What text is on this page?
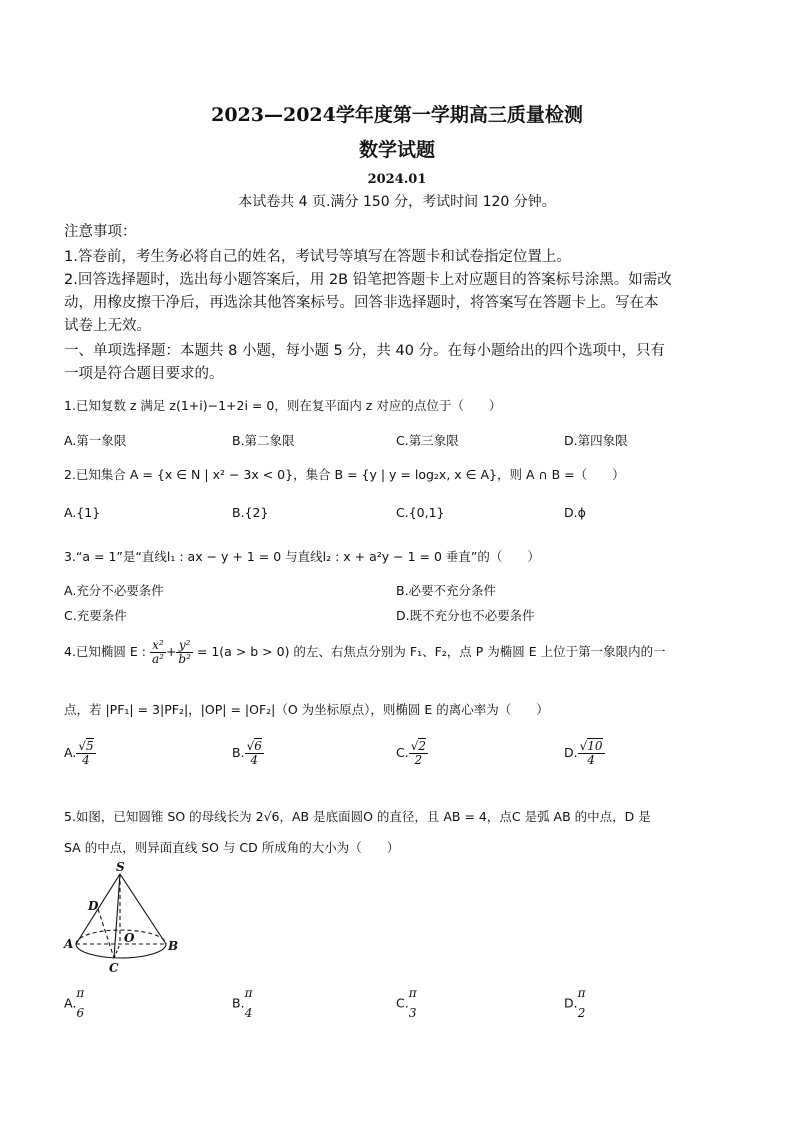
2023—2024学年度第一学期高三质量检测
数学试题
2024.01
本试卷共 4 页.满分 150 分，考试时间 120 分钟。
注意事项：
1.答卷前，考生务必将自己的姓名，考试号等填写在答题卡和试卷指定位置上。
2.回答选择题时，选出每小题答案后，用 2B 铅笔把答题卡上对应题目的答案标号涂黑。如需改
动，用橡皮擦干净后，再选涂其他答案标号。回答非选择题时，将答案写在答题卡上。写在本
试卷上无效。
一、单项选择题：本题共 8 小题，每小题 5 分，共 40 分。在每小题给出的四个选项中，只有
一项是符合题目要求的。
1.已知复数 z 满足 z(1+i)−1+2i = 0，则在复平面内 z 对应的点位于（　　）
A.第一象限	B.第二象限	C.第三象限	D.第四象限
2.已知集合 A = {x ∈ N | x² − 3x < 0}，集合 B = {y | y = log₂x, x ∈ A}，则 A ∩ B =（　　）
A.{1}	B.{2}	C.{0,1}	D.ϕ
3.“a = 1”是“直线l₁ : ax − y + 1 = 0 与直线l₂ : x + a²y − 1 = 0 垂直”的（　　）
A.充分不必要条件	B.必要不充分条件
C.充要条件	D.既不充分也不必要条件
4.已知椭圆 E : $\frac{\text{x²}}{\text{a²}} + \frac{\text{y²}}{\text{b²}} = 1(a > b > 0)$ 的左、右焦点分别为 F₁、F₂，点 P 为椭圆 E 上位于第一象限内的一
点，若 |PF₁| = 3|PF₂|，|OP| = |OF₂|（O 为坐标原点），则椭圆 E 的离心率为（　　）
A. $\frac{√5}{4}$	B. $\frac{√6}{4}$	C. $\frac{√2}{2}$	D. $\frac{√10}{4}$
5.如图，已知圆锥 SO 的母线长为 2√6，AB 是底面圆O 的直径，且 AB = 4，点C 是弧 AB 的中点，D 是
SA 的中点，则异面直线 SO 与 CD 所成角的大小为（　　）
S
D
A	O
B
C
A.
π
6
B.
π
4
C.
π
3
D.
π
2
